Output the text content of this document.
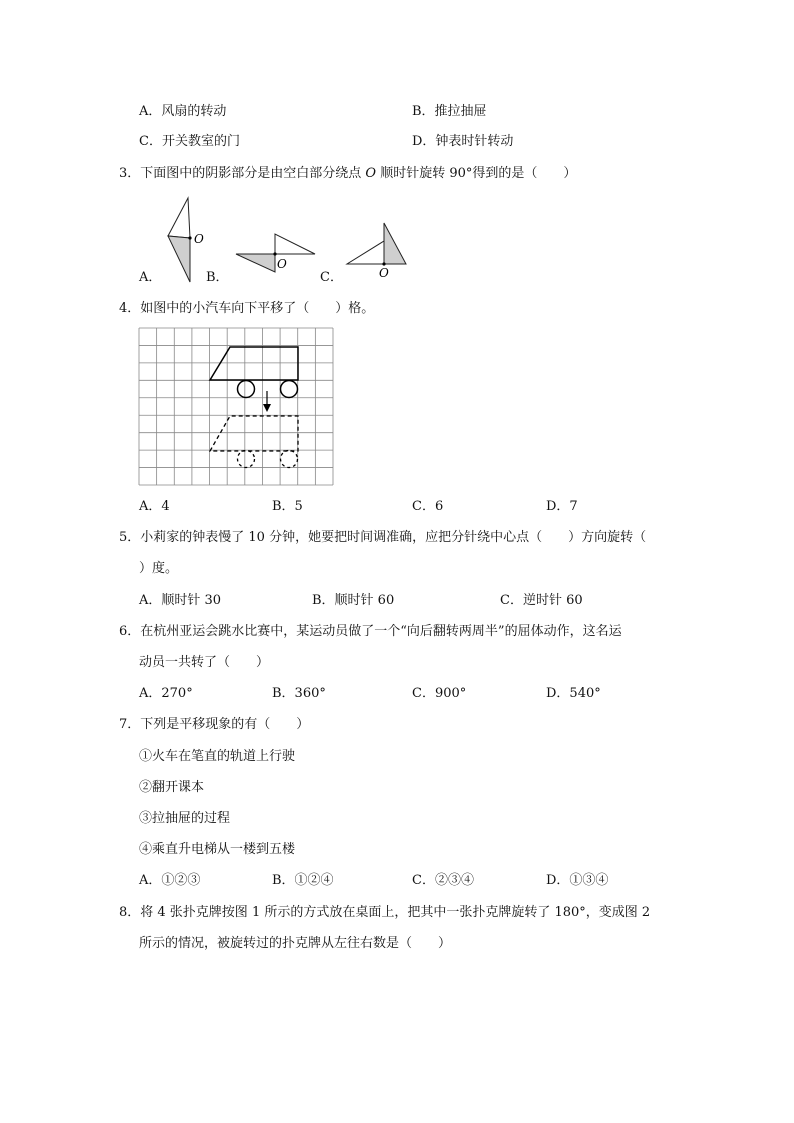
A．风扇的转动	B．推拉抽屉
C．开关教室的门	D．钟表时针转动
3．下面图中的阴影部分是由空白部分绕点 O 顺时针旋转 90°得到的是（　　）
A．	B．	C．
O
O
O
4．如图中的小汽车向下平移了（　　）格。
A．4	B．5	C．6	D．7
5．小莉家的钟表慢了 10 分钟，她要把时间调准确，应把分针绕中心点（　　）方向旋转（
）度。
A．顺时针 30	B．顺时针 60	C．逆时针 60
6．在杭州亚运会跳水比赛中，某运动员做了一个“向后翻转两周半”的屈体动作，这名运
动员一共转了（　　）
A．270°	B．360°	C．900°	D．540°
7．下列是平移现象的有（　　）
①火车在笔直的轨道上行驶
②翻开课本
③拉抽屉的过程
④乘直升电梯从一楼到五楼
A．①②③	B．①②④	C．②③④	D．①③④
8．将 4 张扑克牌按图 1 所示的方式放在桌面上，把其中一张扑克牌旋转了 180°，变成图 2
所示的情况，被旋转过的扑克牌从左往右数是（　　）
